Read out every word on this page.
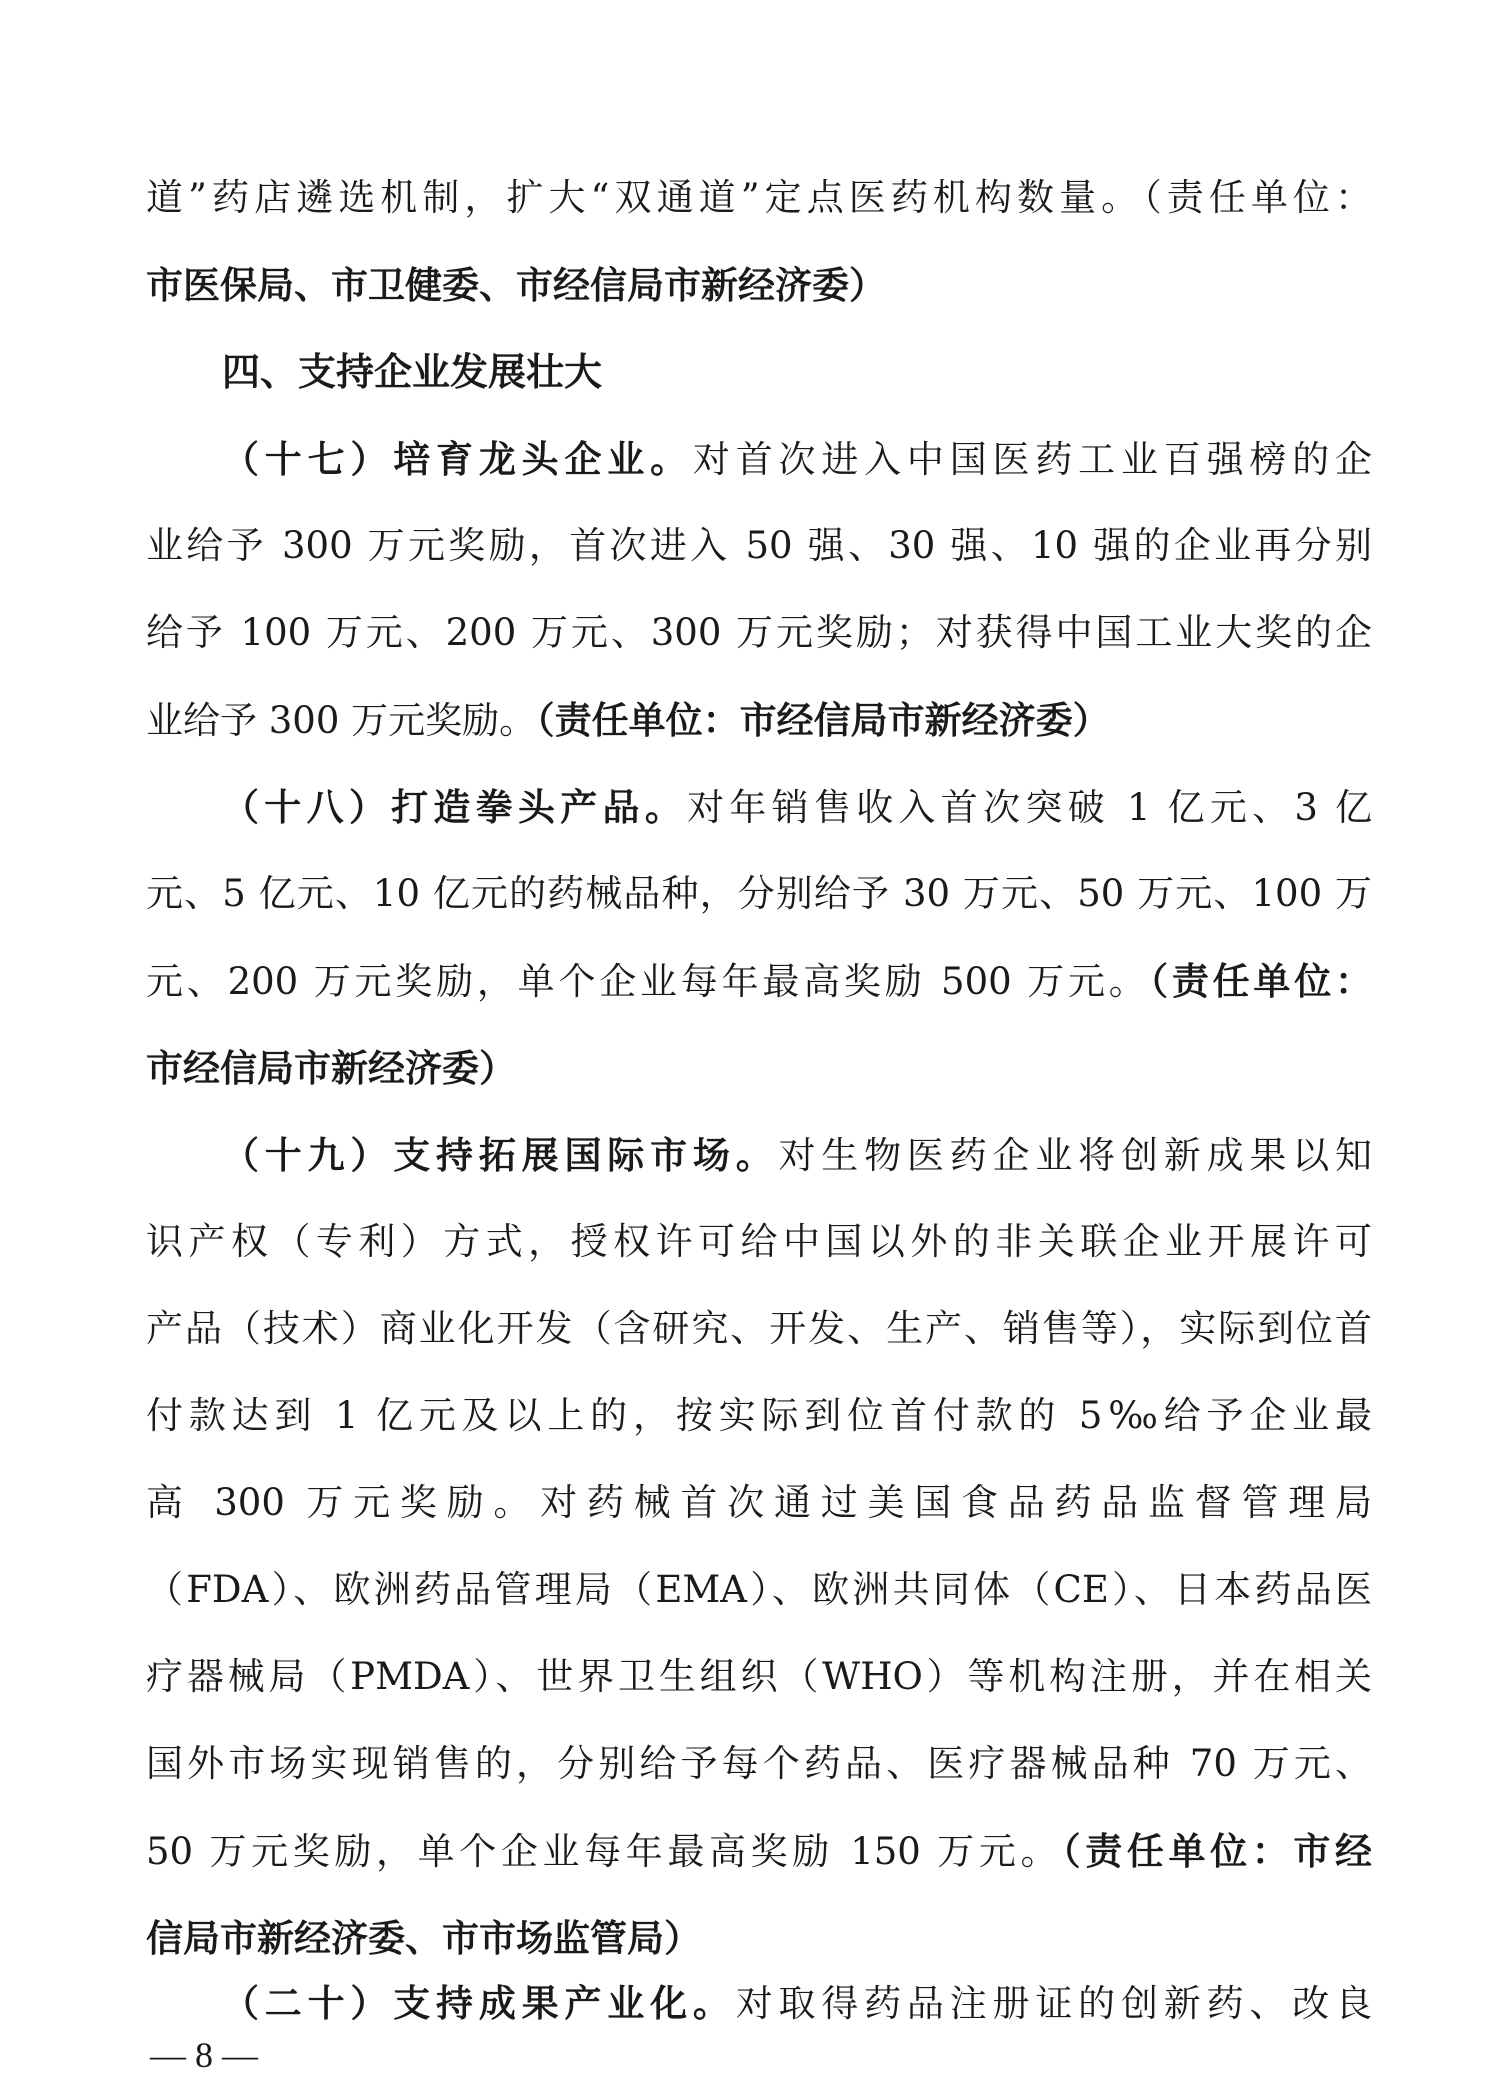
道”药店遴选机制，扩大“双通道”定点医药机构数量。（责任单位：
市医保局、市卫健委、市经信局市新经济委）
四、支持企业发展壮大
（十七）培育龙头企业。对首次进入中国医药工业百强榜的企
业给予 300 万元奖励，首次进入 50 强、30 强、10 强的企业再分别
给予 100 万元、200 万元、300 万元奖励；对获得中国工业大奖的企
业给予 300 万元奖励。（责任单位：市经信局市新经济委）
（十八）打造拳头产品。对年销售收入首次突破 1 亿元、3 亿
元、5 亿元、10 亿元的药械品种，分别给予 30 万元、50 万元、100 万
元、200 万元奖励，单个企业每年最高奖励 500 万元。（责任单位：
市经信局市新经济委）
（十九）支持拓展国际市场。对生物医药企业将创新成果以知
识产权（专利）方式，授权许可给中国以外的非关联企业开展许可
产品（技术）商业化开发（含研究、开发、生产、销售等），实际到位首
付款达到 1 亿元及以上的，按实际到位首付款的 5‰给予企业最
高 300 万元奖励。对药械首次通过美国食品药品监督管理局
（FDA）、欧洲药品管理局（EMA）、欧洲共同体（CE）、日本药品医
疗器械局（PMDA）、世界卫生组织（WHO）等机构注册，并在相关
国外市场实现销售的，分别给予每个药品、医疗器械品种 70 万元、
50 万元奖励，单个企业每年最高奖励 150 万元。（责任单位：市经
信局市新经济委、市市场监管局）
（二十）支持成果产业化。对取得药品注册证的创新药、改良
— 8 —
